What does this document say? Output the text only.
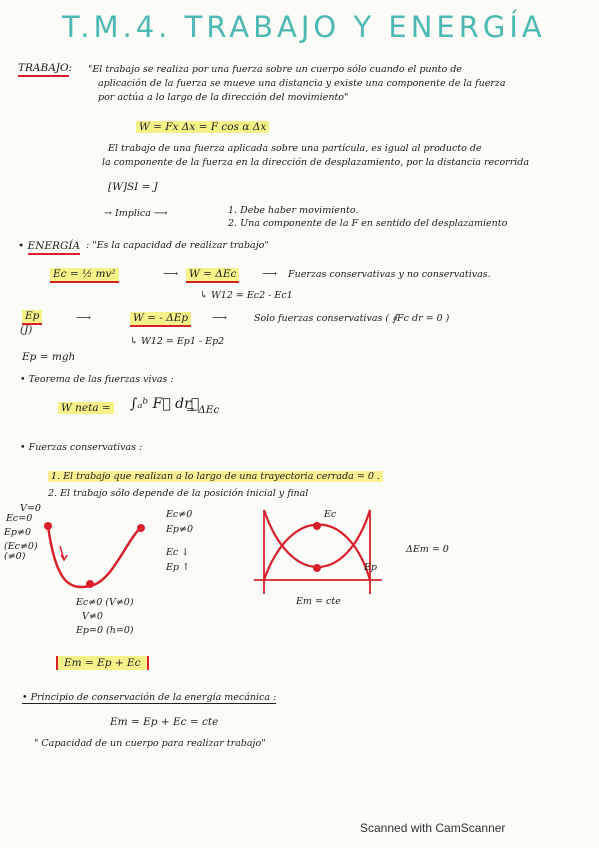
T.M.4. TRABAJO Y ENERGÍA
TRABAJO: "El trabajo se realiza por una fuerza sobre un cuerpo sólo cuando el punto de
aplicación de la fuerza se mueve una distancia y existe una componente de la fuerza
por actúa a lo largo de la dirección del movimiento"
W = Fx Δx = F cos α Δx
El trabajo de una fuerza aplicada sobre una partícula, es igual al producto de
la componente de la fuerza en la dirección de desplazamiento, por la distancia recorrida
[W]SI = J
→ Implica ⟶	1. Debe haber movimiento.
2. Una componente de la F en sentido del desplazamiento
• ENERGÍA : "Es la capacidad de realizar trabajo"
Ec = ½ mv²	⟶ W = ΔEc ⟶ Fuerzas conservativas y no conservativas.
↳ W12 = Ec2 - Ec1
Ep
(J)
⟶	W = - ΔEp ⟶	Solo fuerzas conservativas ( ∮Fc dr = 0 )
↳ W12 = Ep1 - Ep2
Ep = mgh
• Teorema de las fuerzas vivas :
W neta = ∫ₐᵇ F⃗ dr⃗
= ΔEc
• Fuerzas conservativas :
1. El trabajo que realizan a lo largo de una trayectoria cerrada = 0 .
2. El trabajo sólo depende de la posición inicial y final
V=0
Ec=0
Ep≠0
(Ec≠0)
(≠0)
Ec≠0
Ep≠0
Ec ↓
Ep ↑
Ec≠0 (V≠0)
V≠0
Ep=0 (h=0)
Ec
Ep
Em = cte
ΔEm = 0
Em = Ep + Ec
• Principio de conservación de la energía mecánica :
Em = Ep + Ec = cte
" Capacidad de un cuerpo para realizar trabajo"
Scanned with CamScanner
